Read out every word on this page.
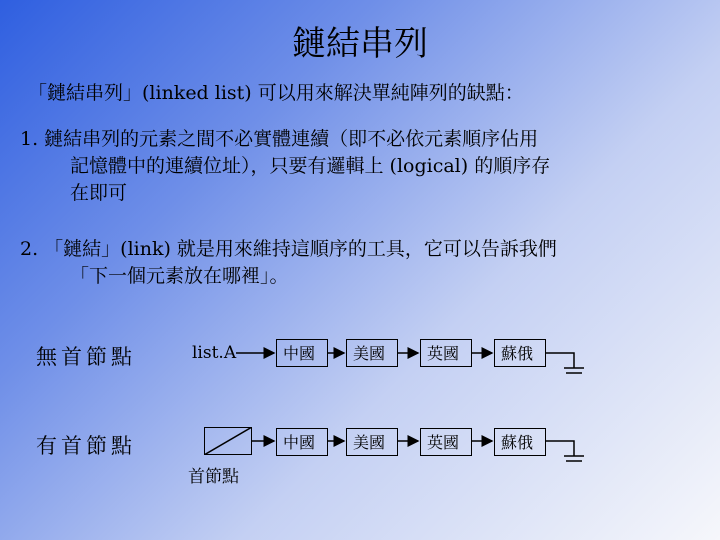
鏈結串列
「鏈結串列」(linked list) 可以用來解決單純陣列的缺點：
1. 鏈結串列的元素之間不必實體連續（即不必依元素順序佔用
記憶體中的連續位址），只要有邏輯上 (logical) 的順序存
在即可
2. 「鏈結」(link) 就是用來維持這順序的工具，它可以告訴我們
「下一個元素放在哪裡」。
無首節點	list.A	中國	美國	英國	蘇俄
有首節點
首節點
中國	美國	英國	蘇俄
